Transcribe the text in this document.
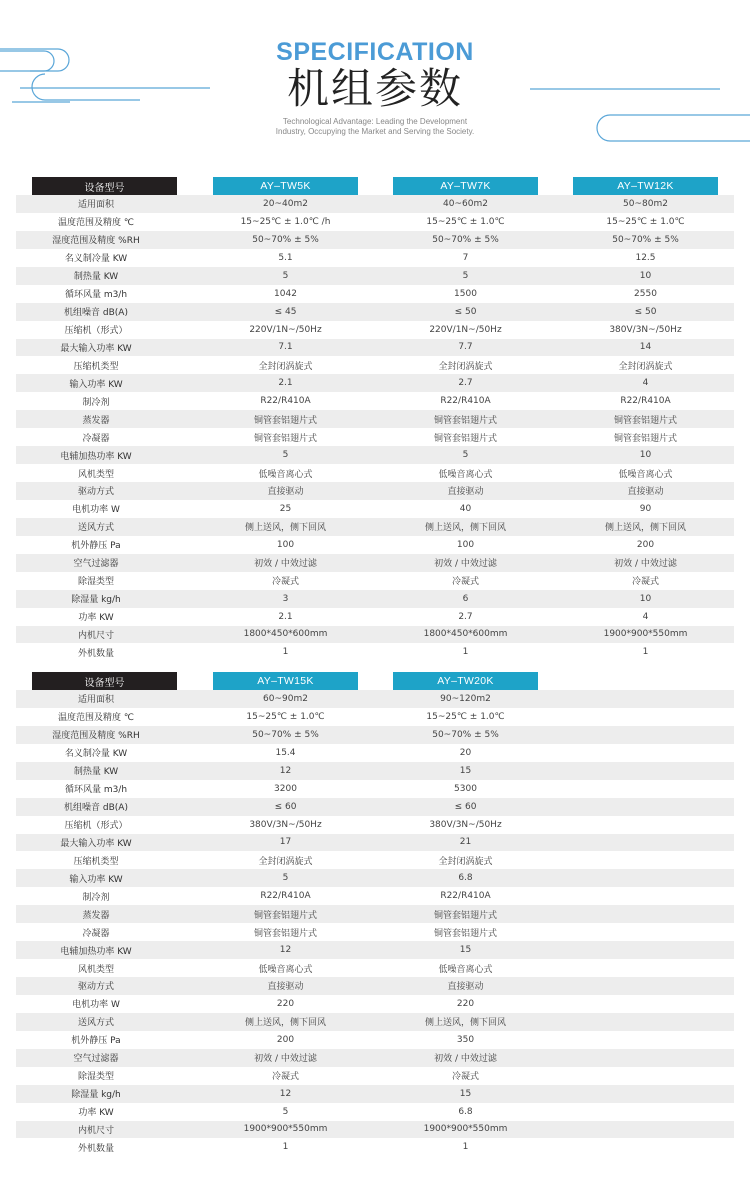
SPECIFICATION
机组参数
Technological Advantage: Leading the Development Industry, Occupying the Market and Serving the Society.
设备型号	AY–TW5K	AY–TW7K	AY–TW12K
适用面积	20~40m2	40~60m2	50~80m2
温度范围及精度 ℃	15~25℃ ± 1.0℃ /h	15~25℃ ± 1.0℃	15~25℃ ± 1.0℃
湿度范围及精度 %RH	50~70% ± 5%	50~70% ± 5%	50~70% ± 5%
名义制冷量 KW	5.1	7	12.5
制热量 KW	5	5	10
循环风量 m3/h	1042	1500	2550
机组噪音 dB(A)	≤ 45	≤ 50	≤ 50
压缩机（形式）	220V/1N~/50Hz	220V/1N~/50Hz	380V/3N~/50Hz
最大输入功率 KW	7.1	7.7	14
压缩机类型	全封闭涡旋式	全封闭涡旋式	全封闭涡旋式
输入功率 KW	2.1	2.7	4
制冷剂	R22/R410A	R22/R410A	R22/R410A
蒸发器	铜管套铝翅片式	铜管套铝翅片式	铜管套铝翅片式
冷凝器	铜管套铝翅片式	铜管套铝翅片式	铜管套铝翅片式
电辅加热功率 KW	5	5	10
风机类型	低噪音离心式	低噪音离心式	低噪音离心式
驱动方式	直接驱动	直接驱动	直接驱动
电机功率 W	25	40	90
送风方式	侧上送风，侧下回风	侧上送风，侧下回风	侧上送风，侧下回风
机外静压 Pa	100	100	200
空气过滤器	初效 / 中效过滤	初效 / 中效过滤	初效 / 中效过滤
除湿类型	冷凝式	冷凝式	冷凝式
除湿量 kg/h	3	6	10
功率 KW	2.1	2.7	4
内机尺寸	1800*450*600mm	1800*450*600mm	1900*900*550mm
外机数量	1	1	1
设备型号	AY–TW15K	AY–TW20K
适用面积	60~90m2	90~120m2
温度范围及精度 ℃	15~25℃ ± 1.0℃	15~25℃ ± 1.0℃
湿度范围及精度 %RH	50~70% ± 5%	50~70% ± 5%
名义制冷量 KW	15.4	20
制热量 KW	12	15
循环风量 m3/h	3200	5300
机组噪音 dB(A)	≤ 60	≤ 60
压缩机（形式）	380V/3N~/50Hz	380V/3N~/50Hz
最大输入功率 KW	17	21
压缩机类型	全封闭涡旋式	全封闭涡旋式
输入功率 KW	5	6.8
制冷剂	R22/R410A	R22/R410A
蒸发器	铜管套铝翅片式	铜管套铝翅片式
冷凝器	铜管套铝翅片式	铜管套铝翅片式
电辅加热功率 KW	12	15
风机类型	低噪音离心式	低噪音离心式
驱动方式	直接驱动	直接驱动
电机功率 W	220	220
送风方式	侧上送风，侧下回风	侧上送风，侧下回风
机外静压 Pa	200	350
空气过滤器	初效 / 中效过滤	初效 / 中效过滤
除湿类型	冷凝式	冷凝式
除湿量 kg/h	12	15
功率 KW	5	6.8
内机尺寸	1900*900*550mm	1900*900*550mm
外机数量	1	1
